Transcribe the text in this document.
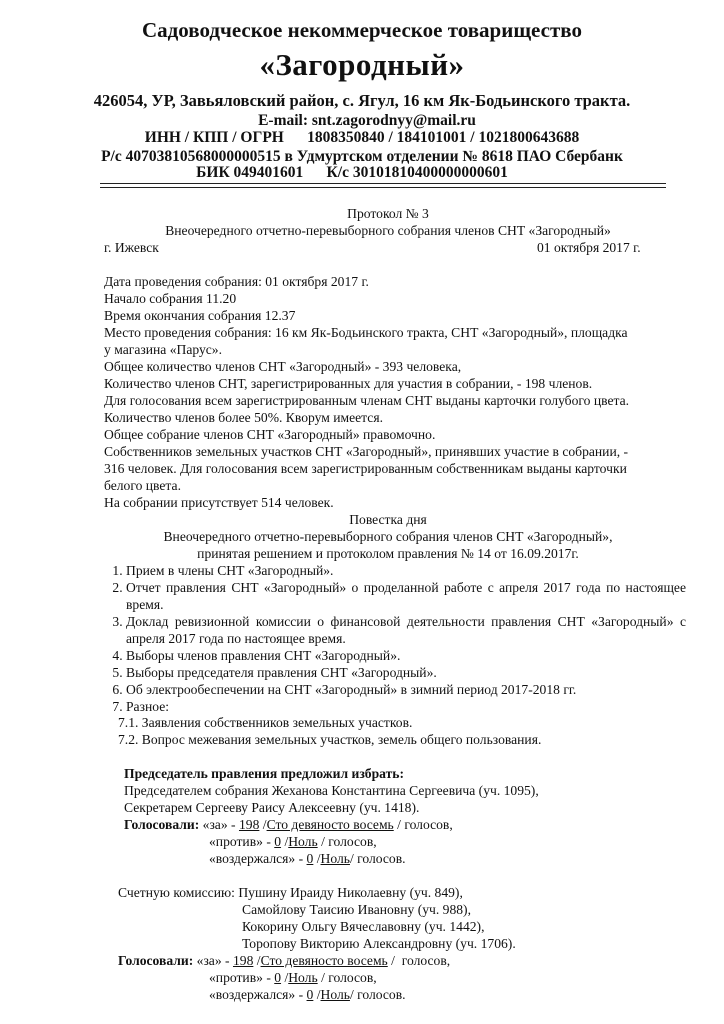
Садоводческое некоммерческое товарищество
«Загородный»
426054, УР, Завьяловский район, с. Ягул, 16 км Як-Бодьинского тракта.
E-mail: snt.zagorodnyy@mail.ru
ИНН / КПП / ОГРН      1808350840 / 184101001 / 1021800643688
Р/с 40703810568000000515 в Удмуртском отделении № 8618 ПАО Сбербанк
БИК 049401601      К/с 30101810400000000601
Протокол № 3
Внеочередного отчетно-перевыборного собрания членов СНТ «Загородный»
г. Ижевск	01 октября 2017 г.
Дата проведения собрания: 01 октября 2017 г.
Начало собрания 11.20
Время окончания собрания 12.37
Место проведения собрания: 16 км Як-Бодьинского тракта, СНТ «Загородный», площадка
у магазина «Парус».
Общее количество членов СНТ «Загородный» - 393 человека,
Количество членов СНТ, зарегистрированных для участия в собрании, - 198 членов.
Для голосования всем зарегистрированным членам СНТ выданы карточки голубого цвета.
Количество членов более 50%. Кворум имеется.
Общее собрание членов СНТ «Загородный» правомочно.
Собственников земельных участков СНТ «Загородный», принявших участие в собрании, -
316 человек. Для голосования всем зарегистрированным собственникам выданы карточки
белого цвета.
На собрании присутствует 514 человек.
Повестка дня
Внеочередного отчетно-перевыборного собрания членов СНТ «Загородный»,
принятая решением и протоколом правления № 14 от 16.09.2017г.
1. Прием в члены СНТ «Загородный».
2. Отчет правления СНТ «Загородный» о проделанной работе с апреля 2017 года по настоящее время.
3. Доклад ревизионной комиссии о финансовой деятельности правления СНТ «Загородный» с апреля 2017 года по настоящее время.
4. Выборы членов правления СНТ «Загородный».
5. Выборы председателя правления СНТ «Загородный».
6. Об электрообеспечении на СНТ «Загородный» в зимний период 2017-2018 гг.
7. Разное:
7.1. Заявления собственников земельных участков.
7.2. Вопрос межевания земельных участков, земель общего пользования.
Председатель правления предложил избрать:
Председателем собрания Жеханова Константина Сергеевича (уч. 1095),
Секретарем Сергееву Раису Алексеевну (уч. 1418).
Голосовали: «за» - 198 /Сто девяносто восемь / голосов,
«против» - 0 /Ноль / голосов,
«воздержался» - 0 /Ноль/ голосов.
Счетную комиссию: Пушину Ираиду Николаевну (уч. 849),
Самойлову Таисию Ивановну (уч. 988),
Кокорину Ольгу Вячеславовну (уч. 1442),
Торопову Викторию Александровну (уч. 1706).
Голосовали: «за» - 198 /Сто девяносто восемь /  голосов,
«против» - 0 /Ноль / голосов,
«воздержался» - 0 /Ноль/ голосов.
